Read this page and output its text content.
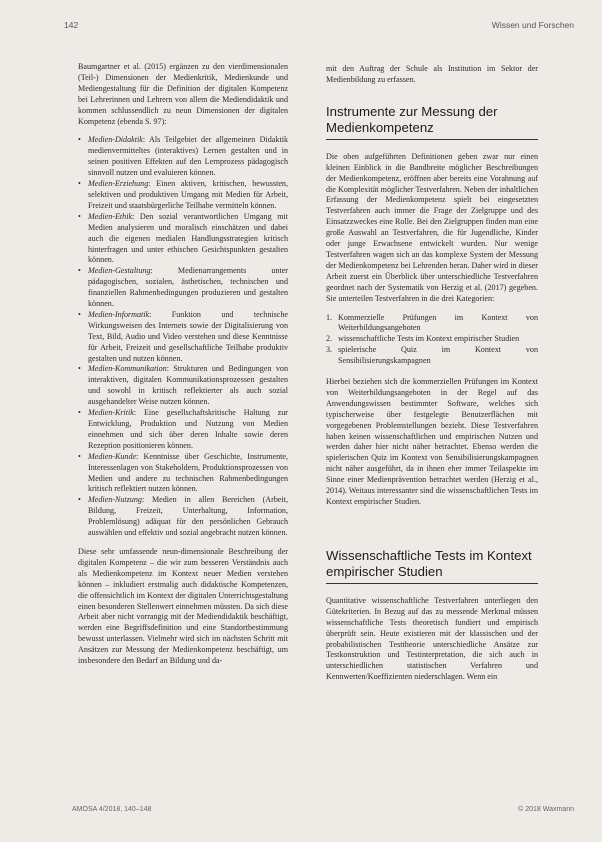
142	Wissen und Forschen

Baumgartner et al. (2015) ergänzen zu den vierdimensionalen (Teil-) Dimensionen der Medienkritik, Medienkunde und Mediengestaltung für die Definition der digitalen Kompetenz bei Lehrerinnen und Lehrern von allem die Mediendidaktik und kommen schlussendlich zu neun Dimensionen der digitalen Kompetenz (ebenda S. 97):

• Medien-Didaktik: Als Teilgebiet der allgemeinen Didaktik medienvermitteltes (interaktives) Lernen gestalten und in seinen positiven Effekten auf den Lernprozess pädagogisch sinnvoll nutzen und evaluieren können.
• Medien-Erziehung: Einen aktiven, kritischen, bewussten, selektiven und produktiven Umgang mit Medien für Arbeit, Freizeit und staatsbürgerliche Teilhabe vermitteln können.
• Medien-Ethik: Den sozial verantwortlichen Umgang mit Medien analysieren und moralisch einschätzen und dabei auch die eigenen medialen Handlungsstrategien kritisch hinterfragen und unter ethischen Gesichtspunkten gestalten können.
• Medien-Gestaltung: Medienarrangements unter pädagogischen, sozialen, ästhetischen, technischen und finanziellen Rahmenbedingungen produzieren und gestalten können.
• Medien-Informatik: Funktion und technische Wirkungsweisen des Internets sowie der Digitalisierung von Text, Bild, Audio und Video verstehen und diese Kenntnisse für Arbeit, Freizeit und gesellschaftliche Teilhabe produktiv gestalten und nutzen können.
• Medien-Kommunikation: Strukturen und Bedingungen von interaktiven, digitalen Kommunikationsprozessen gestalten und sowohl in kritisch reflektierter als auch sozial ausgehandelter Weise nutzen können.
• Medien-Kritik: Eine gesellschaftskritische Haltung zur Entwicklung, Produktion und Nutzung von Medien einnehmen und sich über deren Inhalte sowie deren Rezeption positionieren können.
• Medien-Kunde: Kenntnisse über Geschichte, Instrumente, Interessenlagen von Stakeholdern, Produktionsprozessen von Medien und andere zu technischen Rahmenbedingungen kritisch reflektiert nutzen können.
• Medien-Nutzung: Medien in allen Bereichen (Arbeit, Bildung, Freizeit, Unterhaltung, Information, Problemlösung) adäquat für den persönlichen Gebrauch auswählen und effektiv und sozial angebracht nutzen können.

Diese sehr umfassende neun-dimensionale Beschreibung der digitalen Kompetenz – die wir zum besseren Verständnis auch als Medienkompetenz im Kontext neuer Medien verstehen können – inkludiert erstmalig auch didaktische Kompetenzen, die offensichtlich im Kontext der digitalen Unterrichtsgestaltung einen besonderen Stellenwert einnehmen müssten. Da sich diese Arbeit aber nicht vorrangig mit der Mediendidaktik beschäftigt, werden eine Begriffsdefinition und eine Standortbestimmung bewusst unterlassen. Vielmehr wird sich im nächsten Schritt mit Ansätzen zur Messung der Medienkompetenz beschäftigt, um insbesondere den Bedarf an Bildung und da-

mit den Auftrag der Schule als Institution im Sektor der Medienbildung zu erfassen.

Instrumente zur Messung der Medienkompetenz

Die oben aufgeführten Definitionen geben zwar nur einen kleinen Einblick in die Bandbreite möglicher Beschreibungen der Medienkompetenz, eröffnen aber bereits eine Vorahnung auf die Komplexität möglicher Testverfahren. Neben der inhaltlichen Erfassung der Medienkompetenz spielt bei eingesetzten Testverfahren auch immer die Frage der Zielgruppe und des Einsatzzweckes eine Rolle. Bei den Zielgruppen finden man eine große Auswahl an Testverfahren, die für Jugendliche, Kinder oder junge Erwachsene entwickelt wurden. Nur wenige Testverfahren wagen sich an das komplexe System der Messung der Medienkompetenz bei Lehrenden heran. Daher wird in dieser Arbeit zuerst ein Überblick über unterschiedliche Testverfahren geordnet nach der Systematik von Herzig et al. (2017) gegeben. Sie unterteilen Testverfahren in die drei Kategorien:

1. Kommerzielle Prüfungen im Kontext von Weiterbildungsangeboten
2. wissenschaftliche Tests im Kontext empirischer Studien
3. spielerische Quiz im Kontext von Sensibilisierungskampagnen

Hierbei beziehen sich die kommerziellen Prüfungen im Kontext von Weiterbildungsangeboten in der Regel auf das Anwendungswissen bestimmter Software, welches sich typischerweise über festgelegte Benutzerflächen mit vorgegebenen Problemstellungen bezieht. Diese Testverfahren haben keinen wissenschaftlichen und empirischen Nutzen und werden daher hier nicht näher betrachtet. Ebenso werden die spielerischen Quiz im Kontext von Sensibilisierungskampagnen nicht näher ausgeführt, da in ihnen eher immer Teilaspekte im Sinne einer Medienprävention betrachtet werden (Herzig et al., 2014). Weitaus interessanter sind die wissenschaftlichen Tests im Kontext empirischer Studien.

Wissenschaftliche Tests im Kontext empirischer Studien

Quantitative wissenschaftliche Testverfahren unterliegen den Gütekriterien. In Bezug auf das zu messende Merkmal müssen wissenschaftliche Tests theoretisch fundiert und empirisch überprüft sein. Heute existieren mit der klassischen und der probabilistischen Testtheorie unterschiedliche Ansätze zur Testkonstruktion und Testinterpretation, die sich auch in unterschiedlichen statistischen Verfahren und Kennwerten/Koeffizienten niederschlagen. Wenn ein

AMOSA 4/2018, 140–148	© 2018 Waxmann
